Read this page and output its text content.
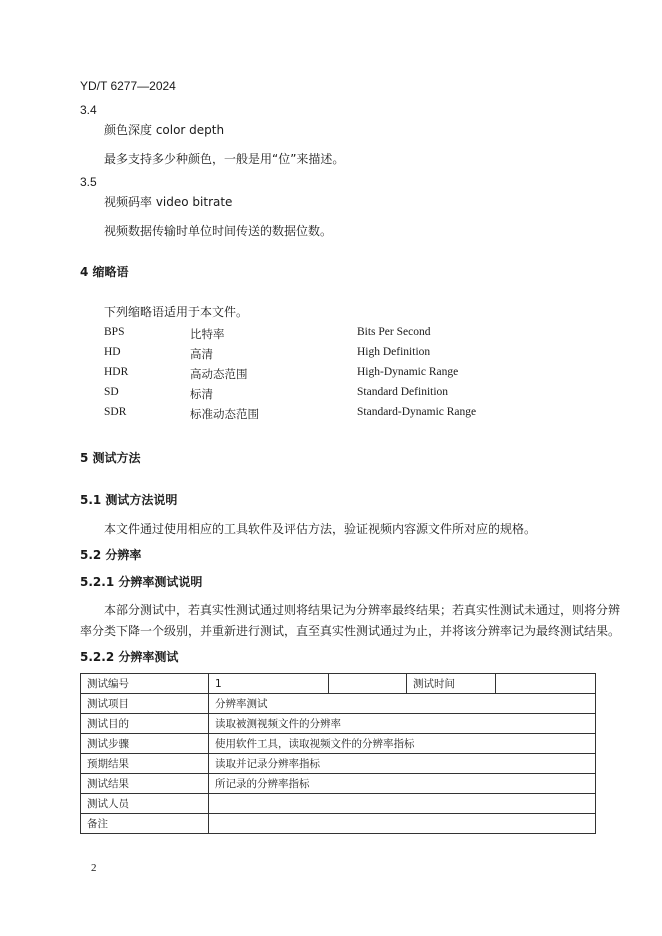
YD/T 6277—2024
3.4
颜色深度 color depth
最多支持多少种颜色，一般是用“位”来描述。
3.5
视频码率 video bitrate
视频数据传输时单位时间传送的数据位数。
4 缩略语
下列缩略语适用于本文件。
BPS	比特率	Bits Per Second
HD	高清	High Definition
HDR	高动态范围	High-Dynamic Range
SD	标清	Standard Definition
SDR	标准动态范围	Standard-Dynamic Range
5 测试方法
5.1 测试方法说明
本文件通过使用相应的工具软件及评估方法，验证视频内容源文件所对应的规格。
5.2 分辨率
5.2.1 分辨率测试说明
本部分测试中，若真实性测试通过则将结果记为分辨率最终结果；若真实性测试未通过，则将分辨
率分类下降一个级别，并重新进行测试，直至真实性测试通过为止，并将该分辨率记为最终测试结果。
5.2.2 分辨率测试
测试编号	1		测试时间	
测试项目	分辨率测试			
测试目的	读取被测视频文件的分辨率			
测试步骤	使用软件工具，读取视频文件的分辨率指标			
预期结果	读取并记录分辨率指标			
测试结果	所记录的分辨率指标			
测试人员				
备注				
2
